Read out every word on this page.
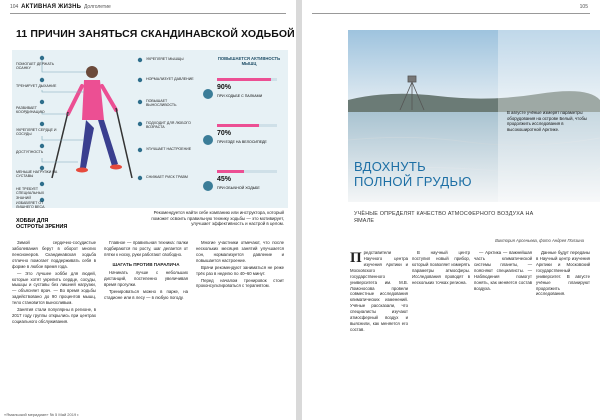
104 АКТИВНАЯ ЖИЗНЬ Долголетие
11 ПРИЧИН ЗАНЯТЬСЯ СКАНДИНАВСКОЙ ХОДЬБОЙ
ПОМОГАЕТ ДЕРЖАТЬ ОСАНКУ
ТРЕНИРУЕТ ДЫХАНИЕ
РАЗВИВАЕТ КООРДИНАЦИЮ
УКРЕПЛЯЕТ СЕРДЦЕ И СОСУДЫ
ДОСТУПНОСТЬ
МЕНЬШЕ НАГРУЗКИ НА СУСТАВЫ
НЕ ТРЕБУЕТ СПЕЦИАЛЬНЫХ ЗНАНИЙ
ИЗБАВЛЯЕТ ОТ ЛИШНЕГО ВЕСА
УКРЕПЛЯЕТ МЫШЦЫ
НОРМАЛИЗУЕТ ДАВЛЕНИЕ
ПОВЫШАЕТ ВЫНОСЛИВОСТЬ
ПОДХОДИТ ДЛЯ ЛЮБОГО ВОЗРАСТА
УЛУЧШАЕТ НАСТРОЕНИЕ
СНИЖАЕТ РИСК ТРАВМ
ПОВЫШАЕТСЯ АКТИВНОСТЬ МЫШЦ
90%
ПРИ ХОДЬБЕ С ПАЛКАМИ
70%
ПРИ ЕЗДЕ НА ВЕЛОСИПЕДЕ
45%
ПРИ ОБЫЧНОЙ ХОДЬБЕ
Рекомендуется найти себе компанию или инструктора, который поможет освоить правильную технику ходьбы — это мотивирует, улучшает эффективность и настрой в целом.
ХОББИ ДЛЯ ОСТРОТЫ ЗРЕНИЯ

Зимой сердечно-сосудистые заболевания берут в оборот многих пенсионеров. Скандинавская ходьба отлично помогает поддерживать себя в форме в любое время года.

— Это лучшее хобби для людей, которые хотят укрепить сердце, сосуды, мышцы и суставы без лишней нагрузки, — объясняет врач. — Во время ходьбы задействовано до 90 процентов мышц, тело становится выносливым.

Занятия стали популярны в регионе, в 2017 году группы открылись при центрах социального обслуживания.

Главное — правильная техника: палки подбираются по росту, шаг делается от пятки к носку, руки работают свободно.

ШАГАТЬ ПРОТИВ ПАРАЛИЧА

Начинать лучше с небольших дистанций, постепенно увеличивая время прогулки.

Тренироваться можно в парке, на стадионе или в лесу — в любую погоду.

Многие участники отмечают, что после нескольких месяцев занятий улучшается сон, нормализуется давление и повышается настроение.

Врачи рекомендуют заниматься не реже трёх раз в неделю по 40–60 минут.

Перед началом тренировок стоит проконсультироваться с терапевтом.

«Ямальский меридиан» № 5 Май 2019 г.
105
В августе учёные измерят параметры оборудования на острове Белый, чтобы продолжить исследования в высокоширотной Арктике.
ВДОХНУТЬ
ПОЛНОЙ ГРУДЬЮ
УЧЁНЫЕ ОПРЕДЕЛЯТ КАЧЕСТВО АТМОСФЕРНОГО ВОЗДУХА НА ЯМАЛЕ
Виктория Арсеньева, фото Андрея Ползина
П редставители Научного центра изучения Арктики и Московского государственного университета им. М.В. Ломоносова провели совместные исследования климатических изменений. Учёные рассказали, что специалисты изучают атмосферный воздух и выяснили, как меняется его состав.

В научный центр поступил новый прибор, который позволяет измерять параметры атмосферы. Исследования проводят в нескольких точках региона.

— Арктика — важнейшая часть климатической системы планеты, — поясняют специалисты. — Наблюдения помогут понять, как меняется состав воздуха.

Данные будут переданы в Научный центр изучения Арктики и Московский государственный университет. В августе учёные планируют продолжить исследования.
